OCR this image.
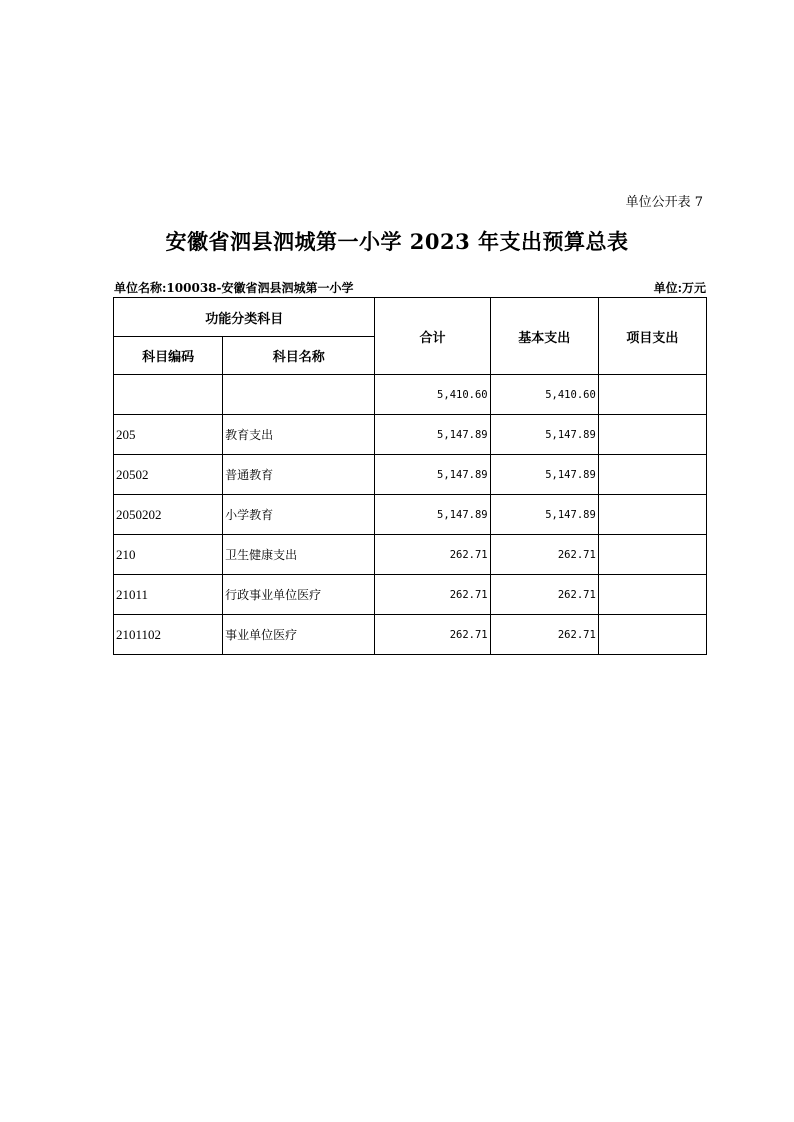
单位公开表 7
安徽省泗县泗城第一小学 2023 年支出预算总表
单位名称:100038-安徽省泗县泗城第一小学	单位:万元
功能分类科目		合计	基本支出	项目支出
科目编码	科目名称			
		5,410.60	5,410.60	
205	教育支出	5,147.89	5,147.89	
20502	普通教育	5,147.89	5,147.89	
2050202	小学教育	5,147.89	5,147.89	
210	卫生健康支出	262.71	262.71	
21011	行政事业单位医疗	262.71	262.71	
2101102	事业单位医疗	262.71	262.71	
